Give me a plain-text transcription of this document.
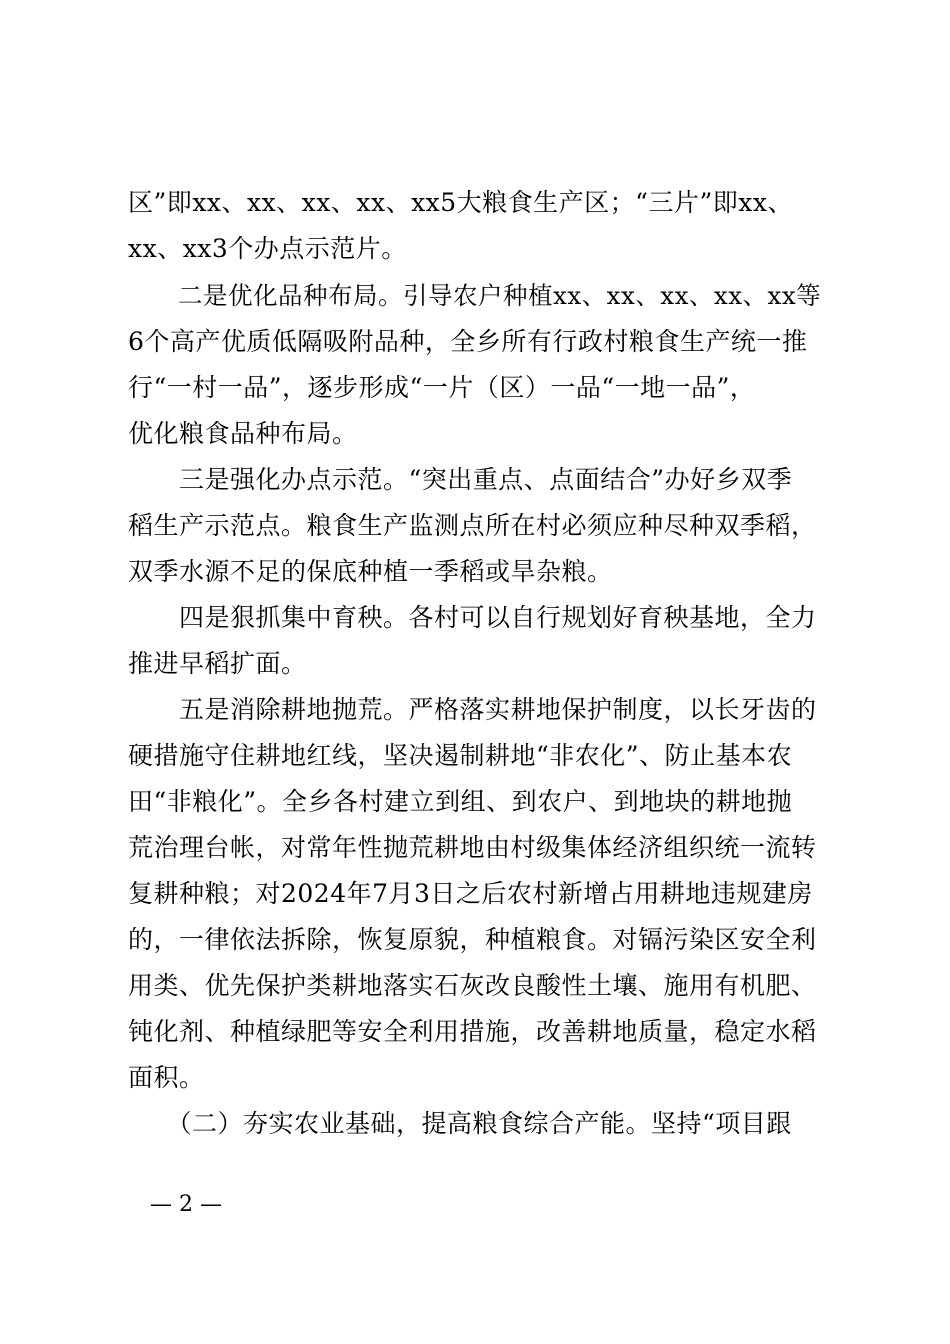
区”即xx、xx、xx、xx、xx5大粮食生产区；“三片”即xx、
xx、xx3个办点示范片。
　　二是优化品种布局。引导农户种植xx、xx、xx、xx、xx等
6个高产优质低隔吸附品种，全乡所有行政村粮食生产统一推
行“一村一品”，逐步形成“一片（区）一品“一地一品”，
优化粮食品种布局。
　　三是强化办点示范。“突出重点、点面结合”办好乡双季
稻生产示范点。粮食生产监测点所在村必须应种尽种双季稻，
双季水源不足的保底种植一季稻或旱杂粮。
　　四是狠抓集中育秧。各村可以自行规划好育秧基地，全力
推进早稻扩面。
　　五是消除耕地抛荒。严格落实耕地保护制度，以长牙齿的
硬措施守住耕地红线，坚决遏制耕地“非农化”、防止基本农
田“非粮化”。全乡各村建立到组、到农户、到地块的耕地抛
荒治理台帐，对常年性抛荒耕地由村级集体经济组织统一流转
复耕种粮；对2024年7月3日之后农村新增占用耕地违规建房
的，一律依法拆除，恢复原貌，种植粮食。对镉污染区安全利
用类、优先保护类耕地落实石灰改良酸性土壤、施用有机肥、
钝化剂、种植绿肥等安全利用措施，改善耕地质量，稳定水稻
面积。
　　（二）夯实农业基础，提高粮食综合产能。坚持“项目跟
— 2 —
